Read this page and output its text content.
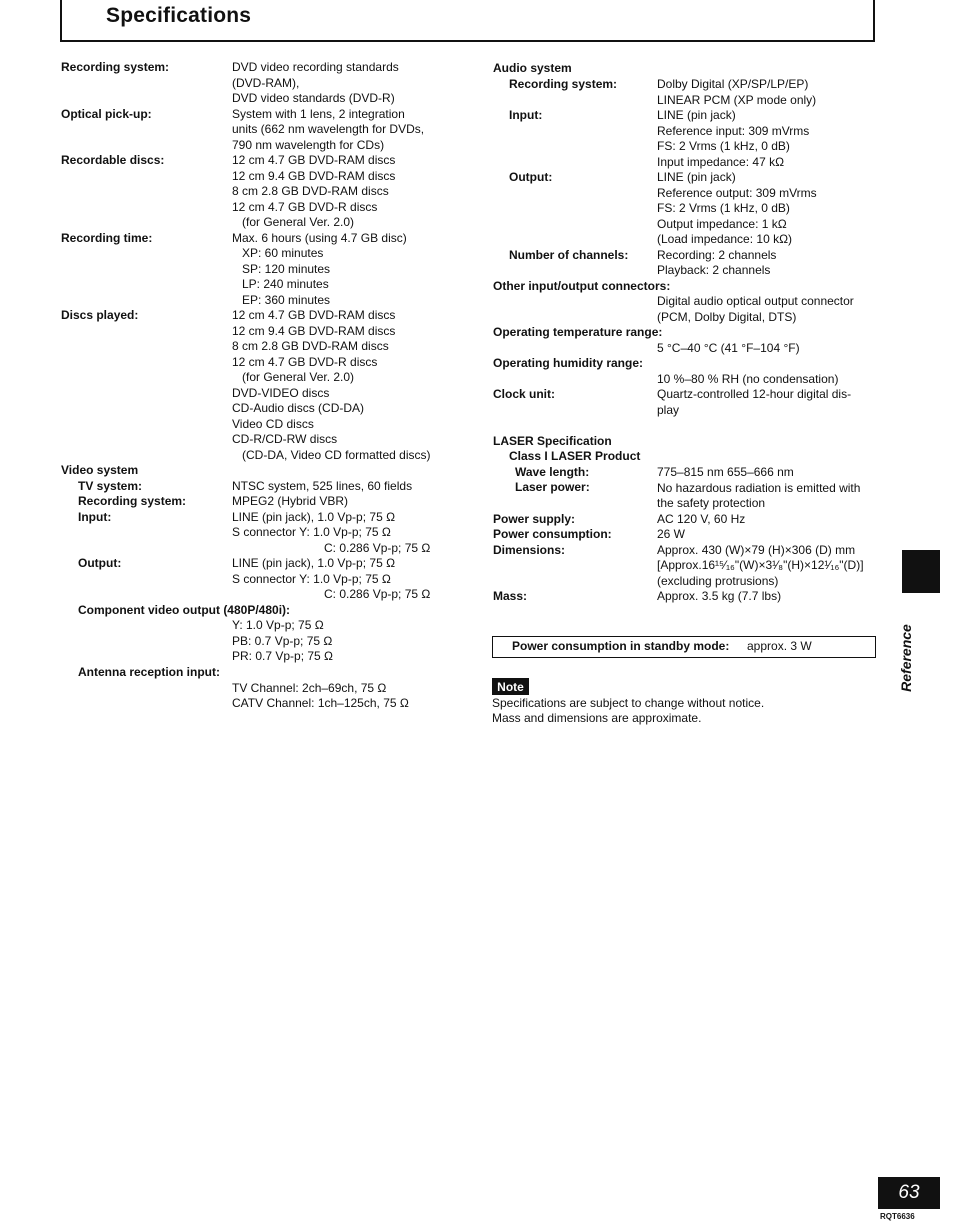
Specifications
Recording system:	DVD video recording standards
(DVD-RAM),
DVD video standards (DVD-R)
Optical pick-up:	System with 1 lens, 2 integration
units (662 nm wavelength for DVDs,
790 nm wavelength for CDs)
Recordable discs:	12 cm 4.7 GB DVD-RAM discs
12 cm 9.4 GB DVD-RAM discs
8 cm 2.8 GB DVD-RAM discs
12 cm 4.7 GB DVD-R discs
(for General Ver. 2.0)
Recording time:	Max. 6 hours (using 4.7 GB disc)
XP: 60 minutes
SP: 120 minutes
LP: 240 minutes
EP: 360 minutes
Discs played:	12 cm 4.7 GB DVD-RAM discs
12 cm 9.4 GB DVD-RAM discs
8 cm 2.8 GB DVD-RAM discs
12 cm 4.7 GB DVD-R discs
(for General Ver. 2.0)
DVD-VIDEO discs
CD-Audio discs (CD-DA)
Video CD discs
CD-R/CD-RW discs
(CD-DA, Video CD formatted discs)
Video system
TV system:	NTSC system, 525 lines, 60 fields
Recording system:	MPEG2 (Hybrid VBR)
Input:	LINE (pin jack), 1.0 Vp-p; 75 Ω
S connector Y: 1.0 Vp-p; 75 Ω
C: 0.286 Vp-p; 75 Ω
Output:	LINE (pin jack), 1.0 Vp-p; 75 Ω
S connector Y: 1.0 Vp-p; 75 Ω
C: 0.286 Vp-p; 75 Ω
Component video output (480P/480i):
Y: 1.0 Vp-p; 75 Ω
PB: 0.7 Vp-p; 75 Ω
PR: 0.7 Vp-p; 75 Ω
Antenna reception input:
TV Channel: 2ch–69ch, 75 Ω
CATV Channel: 1ch–125ch, 75 Ω
Audio system
Recording system:	Dolby Digital (XP/SP/LP/EP)
LINEAR PCM (XP mode only)
Input:	LINE (pin jack)
Reference input: 309 mVrms
FS: 2 Vrms (1 kHz, 0 dB)
Input impedance: 47 kΩ
Output:	LINE (pin jack)
Reference output: 309 mVrms
FS: 2 Vrms (1 kHz, 0 dB)
Output impedance: 1 kΩ
(Load impedance: 10 kΩ)
Number of channels: Recording: 2 channels
Playback: 2 channels
Other input/output connectors:
Digital audio optical output connector
(PCM, Dolby Digital, DTS)
Operating temperature range:
5 °C–40 °C (41 °F–104 °F)
Operating humidity range:
10 %–80 % RH (no condensation)
Clock unit:	Quartz-controlled 12-hour digital dis-
play
LASER Specification
Class I LASER Product
Wave length:	775–815 nm 655–666 nm
Laser power:	No hazardous radiation is emitted with
the safety protection
Power supply:	AC 120 V, 60 Hz
Power consumption:	26 W
Dimensions:	Approx. 430 (W)×79 (H)×306 (D) mm
[Approx.16¹⁵⁄₁₆"(W)×3¹⁄₈"(H)×12¹⁄₁₆"(D)]
(excluding protrusions)
Mass:	Approx. 3.5 kg (7.7 lbs)
Power consumption in standby mode: approx. 3 W
Note
Specifications are subject to change without notice.
Mass and dimensions are approximate.
Reference
63
RQT6636
